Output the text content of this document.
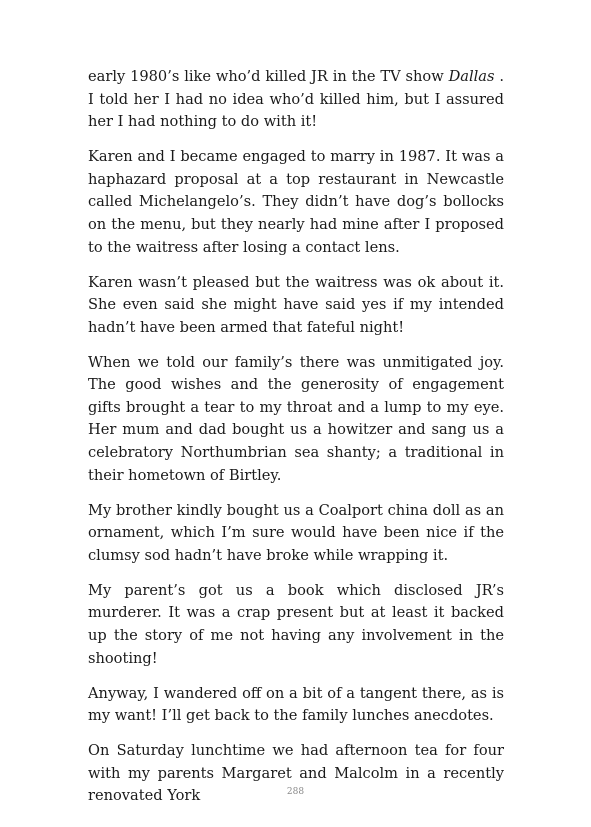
early 1980’s like who’d killed JR in the TV show Dallas . I told her I had no idea who’d killed him, but I assured her I had nothing to do with it!

Karen and I became engaged to marry in 1987. It was a haphazard proposal at a top restaurant in Newcastle called Michelangelo’s. They didn’t have dog’s bollocks on the menu, but they nearly had mine after I proposed to the waitress after losing a contact lens.

Karen wasn’t pleased but the waitress was ok about it. She even said she might have said yes if my intended hadn’t have been armed that fateful night!

When we told our family’s there was unmitigated joy. The good wishes and the generosity of engagement gifts brought a tear to my throat and a lump to my eye. Her mum and dad bought us a howitzer and sang us a celebratory Northumbrian sea shanty; a traditional in their hometown of Birtley.

My brother kindly bought us a Coalport china doll as an ornament, which I’m sure would have been nice if the clumsy sod hadn’t have broke while wrapping it.

My parent’s got us a book which disclosed JR’s murderer. It was a crap present but at least it backed up the story of me not having any involvement in the shooting!

Anyway, I wandered off on a bit of a tangent there, as is my want! I’ll get back to the family lunches anecdotes.

On Saturday lunchtime we had afternoon tea for four with my parents Margaret and Malcolm in a recently renovated York	288
